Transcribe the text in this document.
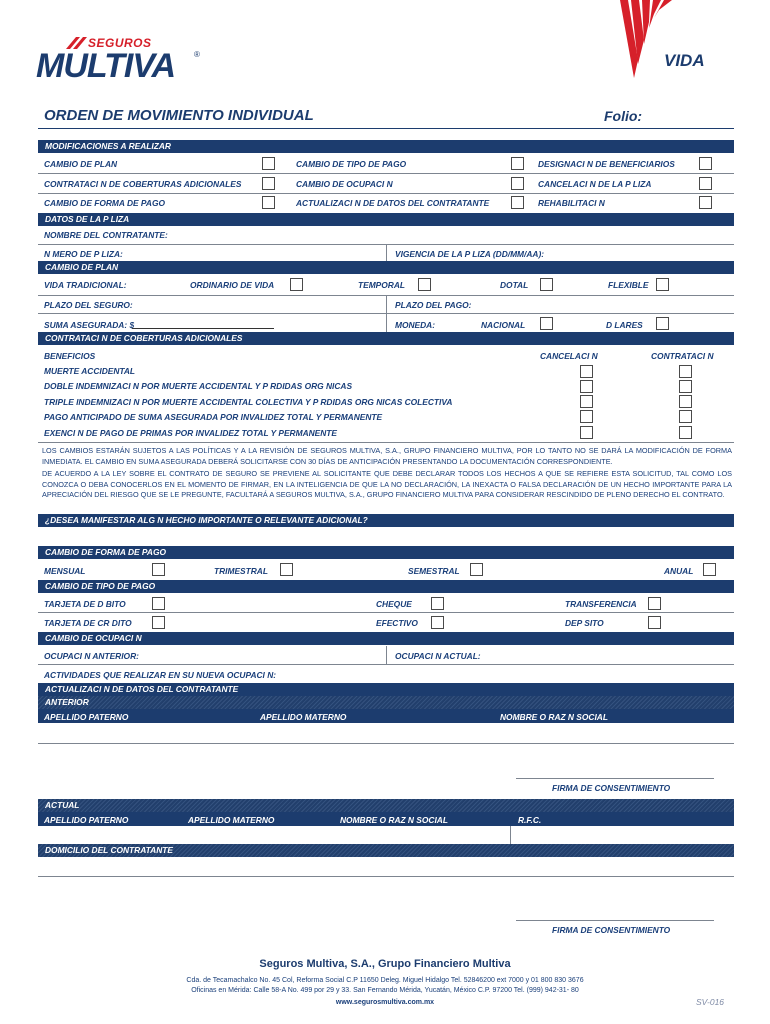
SEGUROS
MULTIVA ®	VIDA
ORDEN DE MOVIMIENTO INDIVIDUAL	Folio:
MODIFICACIONES A REALIZAR
CAMBIO DE PLAN	CAMBIO DE TIPO DE PAGO	DESIGNACI N DE BENEFICIARIOS
CONTRATACI N DE COBERTURAS ADICIONALES	CAMBIO DE OCUPACI N	CANCELACI N DE LA P LIZA
CAMBIO DE FORMA DE PAGO	ACTUALIZACI N DE DATOS DEL CONTRATANTE	REHABILITACI N
DATOS DE LA P LIZA
NOMBRE DEL CONTRATANTE:
N MERO DE P LIZA:	VIGENCIA DE LA P LIZA (DD/MM/AA):
CAMBIO DE PLAN
VIDA TRADICIONAL:	ORDINARIO DE VIDA	TEMPORAL	DOTAL	FLEXIBLE
PLAZO DEL SEGURO:	PLAZO DEL PAGO:
SUMA ASEGURADA: $	MONEDA:	NACIONAL	D LARES
CONTRATACI N DE COBERTURAS ADICIONALES
BENEFICIOS	CANCELACI N	CONTRATACI N
MUERTE ACCIDENTAL
DOBLE INDEMNIZACI N POR MUERTE ACCIDENTAL Y P RDIDAS ORG NICAS
TRIPLE INDEMNIZACI N POR MUERTE ACCIDENTAL COLECTIVA Y P RDIDAS ORG NICAS COLECTIVA
PAGO ANTICIPADO DE SUMA ASEGURADA POR INVALIDEZ TOTAL Y PERMANENTE
EXENCI N DE PAGO DE PRIMAS POR INVALIDEZ TOTAL Y PERMANENTE
LOS CAMBIOS ESTARÁN SUJETOS A LAS POLÍTICAS Y A LA REVISIÓN DE SEGUROS MULTIVA, S.A., GRUPO FINANCIERO MULTIVA, POR LO TANTO NO SE DARÁ LA MODIFICACIÓN DE FORMA INMEDIATA. EL CAMBIO EN SUMA ASEGURADA DEBERÁ SOLICITARSE CON 30 DÍAS DE ANTICIPACIÓN PRESENTANDO LA DOCUMENTACIÓN CORRESPONDIENTE.
DE ACUERDO A LA LEY SOBRE EL CONTRATO DE SEGURO SE PREVIENE AL SOLICITANTE QUE DEBE DECLARAR TODOS LOS HECHOS A QUE SE REFIERE ESTA SOLICITUD, TAL COMO LOS CONOZCA O DEBA CONOCERLOS EN EL MOMENTO DE FIRMAR, EN LA INTELIGENCIA DE QUE LA NO DECLARACIÓN, LA INEXACTA O FALSA DECLARACIÓN DE UN HECHO IMPORTANTE PARA LA APRECIACIÓN DEL RIESGO QUE SE LE PREGUNTE, FACULTARÁ A SEGUROS MULTIVA, S.A., GRUPO FINANCIERO MULTIVA PARA CONSIDERAR RESCINDIDO DE PLENO DERECHO EL CONTRATO.
¿DESEA MANIFESTAR ALG N HECHO IMPORTANTE O RELEVANTE ADICIONAL?
CAMBIO DE FORMA DE PAGO
MENSUAL	TRIMESTRAL	SEMESTRAL	ANUAL
CAMBIO DE TIPO DE PAGO
TARJETA DE D BITO	CHEQUE	TRANSFERENCIA
TARJETA DE CR DITO	EFECTIVO	DEP SITO
CAMBIO DE OCUPACI N
OCUPACI N ANTERIOR:	OCUPACI N ACTUAL:
ACTIVIDADES QUE REALIZAR EN SU NUEVA OCUPACI N:
ACTUALIZACI N DE DATOS DEL CONTRATANTE
ANTERIOR
APELLIDO PATERNO	APELLIDO MATERNO	NOMBRE O RAZ N SOCIAL
FIRMA DE CONSENTIMIENTO
ACTUAL
APELLIDO PATERNO	APELLIDO MATERNO	NOMBRE O RAZ N SOCIAL	R.F.C.
DOMICILIO DEL CONTRATANTE
FIRMA DE CONSENTIMIENTO
Seguros Multiva, S.A., Grupo Financiero Multiva
Cda. de Tecamachalco No. 45 Col, Reforma Social C.P 11650 Deleg. Miguel Hidalgo Tel. 52846200 ext 7000 y 01 800 830 3676
Oficinas en Mérida: Calle 58-A No. 499 por 29 y 33. San Fernando Mérida, Yucatán, México C.P. 97200 Tel. (999) 942-31- 80
www.segurosmultiva.com.mx	SV-016
